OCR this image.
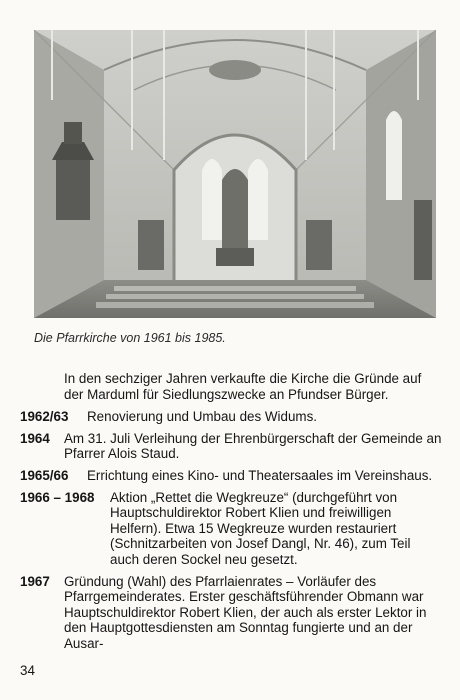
Die Pfarrkirche von 1961 bis 1985.

In den sechziger Jahren verkaufte die Kirche die Gründe auf der Marduml für Siedlungszwecke an Pfundser Bürger.

1962/63 Renovierung und Umbau des Widums.
1964 Am 31. Juli Verleihung der Ehrenbürgerschaft der Gemeinde an Pfarrer Alois Staud.
1965/66 Errichtung eines Kino- und Theatersaales im Vereinshaus.
1966 – 1968 Aktion „Rettet die Wegkreuze“ (durchgeführt von Hauptschuldirektor Robert Klien und freiwilligen Helfern). Etwa 15 Wegkreuze wurden restauriert (Schnitzarbeiten von Josef Dangl, Nr. 46), zum Teil auch deren Sockel neu gesetzt.
1967 Gründung (Wahl) des Pfarrlaienrates – Vorläufer des Pfarrgemeinderates. Erster geschäftsführender Obmann war Hauptschuldirektor Robert Klien, der auch als erster Lektor in den Hauptgottesdiensten am Sonntag fungierte und an der Ausar-
34
